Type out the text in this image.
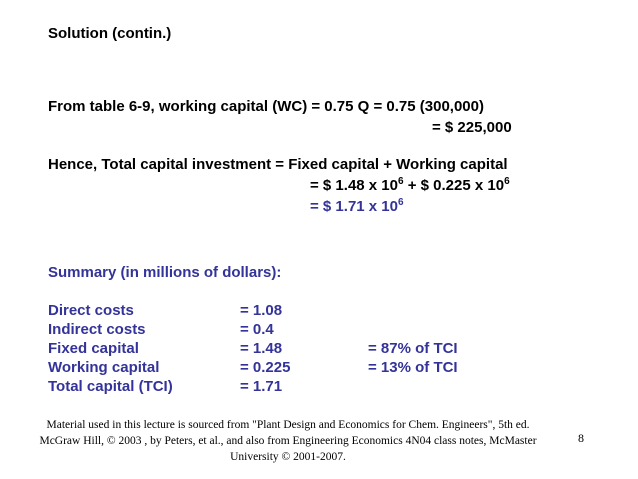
Solution (contin.)
From table 6-9, working capital (WC) = 0.75 Q = 0.75 (300,000)
= $ 225,000
Hence, Total capital investment = Fixed capital + Working capital
= $ 1.48 x $10^6$ + $ 0.225 x $10^6$
= $ 1.71 x $10^6$
Summary (in millions of dollars):
Direct costs	= 1.08
Indirect costs	= 0.4
Fixed capital	= 1.48	= 87% of TCI
Working capital	= 0.225	= 13% of TCI
Total capital (TCI)	= 1.71
Material used in this lecture is sourced from "Plant Design and Economics for Chem. Engineers", 5th ed.
McGraw Hill, © 2003 , by Peters, et al., and also from Engineering Economics 4N04 class notes, McMaster
University © 2001-2007.
8
